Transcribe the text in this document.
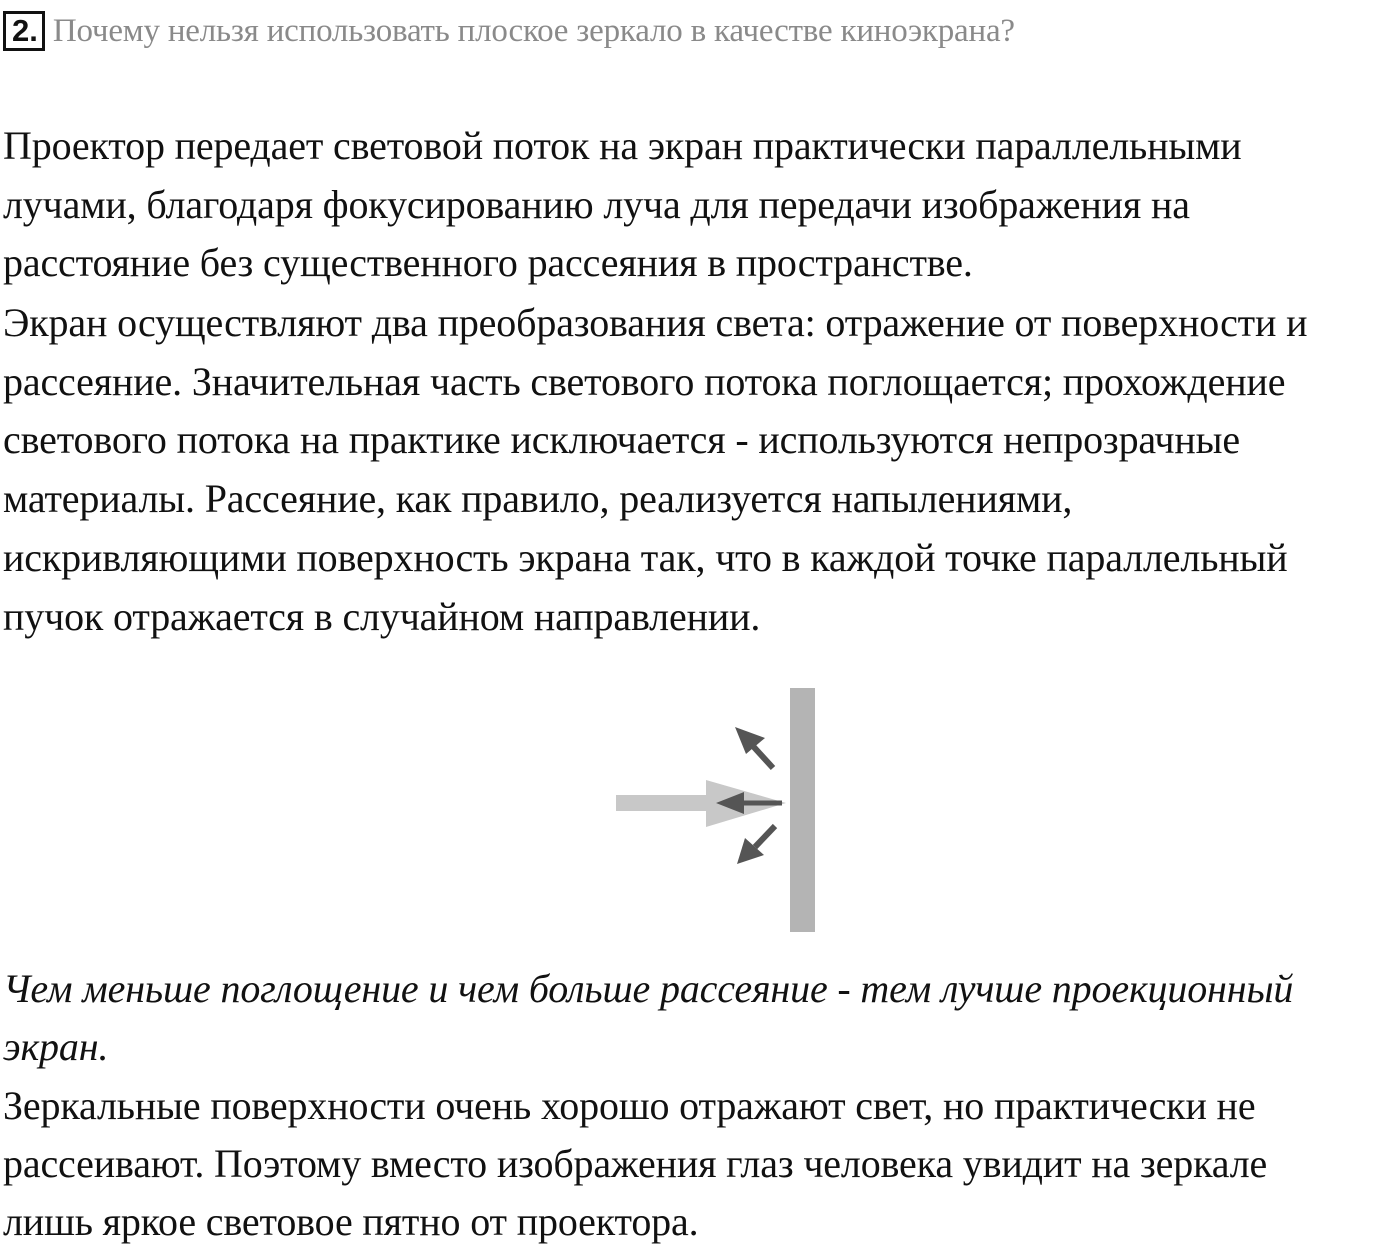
2. Почему нельзя использовать плоское зеркало в качестве киноэкрана?

Проектор передает световой поток на экран практически параллельными
лучами, благодаря фокусированию луча для передачи изображения на
расстояние без существенного рассеяния в пространстве.

Экран осуществляют два преобразования света: отражение от поверхности и
рассеяние. Значительная часть светового потока поглощается; прохождение
светового потока на практике исключается - используются непрозрачные
материалы. Рассеяние, как правило, реализуется напылениями,
искривляющими поверхность экрана так, что в каждой точке параллельный
пучок отражается в случайном направлении.

Чем меньше поглощение и чем больше рассеяние - тем лучше проекционный
экран.

Зеркальные поверхности очень хорошо отражают свет, но практически не
рассеивают. Поэтому вместо изображения глаз человека увидит на зеркале
лишь яркое световое пятно от проектора.
